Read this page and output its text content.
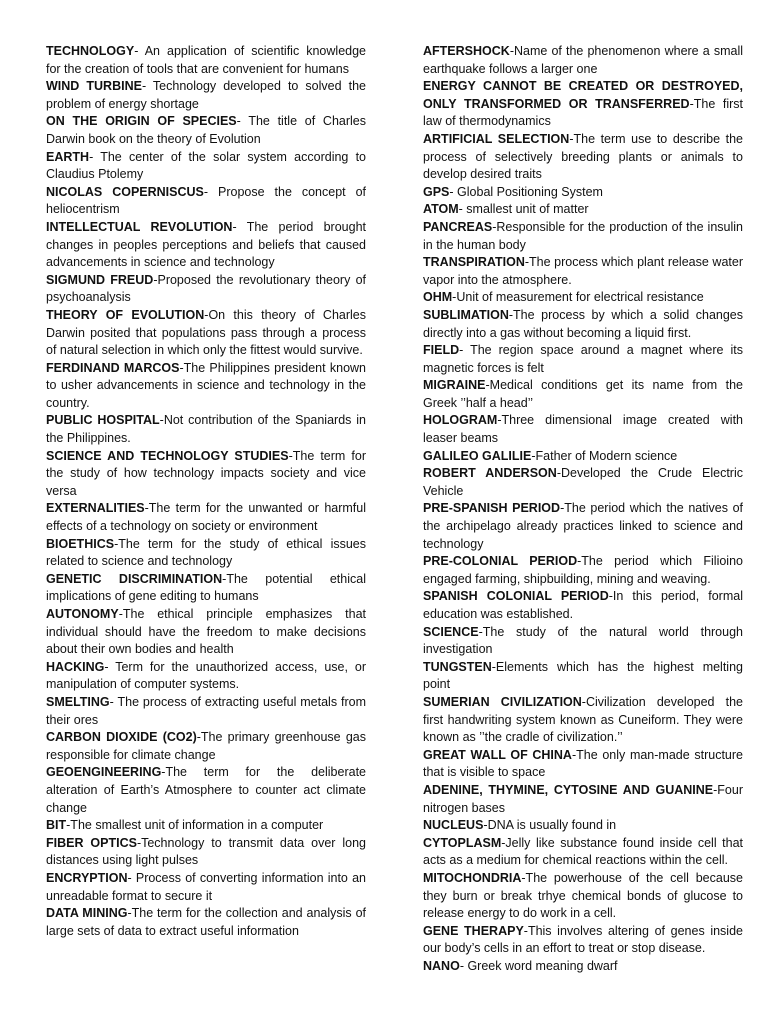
TECHNOLOGY- An application of scientific knowledge for the creation of tools that are convenient for humans

WIND TURBINE- Technology developed to solved the problem of energy shortage

ON THE ORIGIN OF SPECIES- The title of Charles Darwin book on the theory of Evolution

EARTH- The center of the solar system according to Claudius Ptolemy

NICOLAS COPERNISCUS- Propose the concept of heliocentrism

INTELLECTUAL REVOLUTION- The period brought changes in peoples perceptions and beliefs that caused advancements in science and technology

SIGMUND FREUD-Proposed the revolutionary theory of psychoanalysis

THEORY OF EVOLUTION-On this theory of Charles Darwin posited that populations pass through a process of natural selection in which only the fittest would survive.

FERDINAND MARCOS-The Philippines president known to usher advancements in science and technology in the country.

PUBLIC HOSPITAL-Not contribution of the Spaniards in the Philippines.

SCIENCE AND TECHNOLOGY STUDIES-The term for the study of how technology impacts society and vice versa

EXTERNALITIES-The term for the unwanted or harmful effects of a technology on society or environment

BIOETHICS-The term for the study of ethical issues related to science and technology

GENETIC DISCRIMINATION-The potential ethical implications of gene editing to humans

AUTONOMY-The ethical principle emphasizes that individual should have the freedom to make decisions about their own bodies and health

HACKING- Term for the unauthorized access, use, or manipulation of computer systems.

SMELTING- The process of extracting useful metals from their ores

CARBON DIOXIDE (CO2)-The primary greenhouse gas responsible for climate change

GEOENGINEERING-The term for the deliberate alteration of Earth’s Atmosphere to counter act climate change

BIT-The smallest unit of information in a computer

FIBER OPTICS-Technology to transmit data over long distances using light pulses

ENCRYPTION- Process of converting information into an unreadable format to secure it

DATA MINING-The term for the collection and analysis of large sets of data to extract useful information

AFTERSHOCK-Name of the phenomenon where a small earthquake follows a larger one

ENERGY CANNOT BE CREATED OR DESTROYED, ONLY TRANSFORMED OR TRANSFERRED-The first law of thermodynamics

ARTIFICIAL SELECTION-The term use to describe the process of selectively breeding plants or animals to develop desired traits

GPS- Global Positioning System

ATOM- smallest unit of matter

PANCREAS-Responsible for the production of the insulin in the human body

TRANSPIRATION-The process which plant release water vapor into the atmosphere.

OHM-Unit of measurement for electrical resistance

SUBLIMATION-The process by which a solid changes directly into a gas without becoming a liquid first.

FIELD- The region space around a magnet where its magnetic forces is felt

MIGRAINE-Medical conditions get its name from the Greek ’’half a head’’

HOLOGRAM-Three dimensional image created with leaser beams

GALILEO GALILIE-Father of Modern science

ROBERT ANDERSON-Developed the Crude Electric Vehicle

PRE-SPANISH PERIOD-The period which the natives of the archipelago already practices linked to science and technology

PRE-COLONIAL PERIOD-The period which Filioino engaged farming, shipbuilding, mining and weaving.

SPANISH COLONIAL PERIOD-In this period, formal education was established.

SCIENCE-The study of the natural world through investigation

TUNGSTEN-Elements which has the highest melting point

SUMERIAN CIVILIZATION-Civilization developed the first handwriting system known as Cuneiform. They were known as ’’the cradle of civilization.’’

GREAT WALL OF CHINA-The only man-made structure that is visible to space

ADENINE, THYMINE, CYTOSINE AND GUANINE-Four nitrogen bases

NUCLEUS-DNA is usually found in

CYTOPLASM-Jelly like substance found inside cell that acts as a medium for chemical reactions within the cell.

MITOCHONDRIA-The powerhouse of the cell because they burn or break trhye chemical bonds of glucose to release energy to do work in a cell.

GENE THERAPY-This involves altering of genes inside our body’s cells in an effort to treat or stop disease.

NANO- Greek word meaning dwarf
